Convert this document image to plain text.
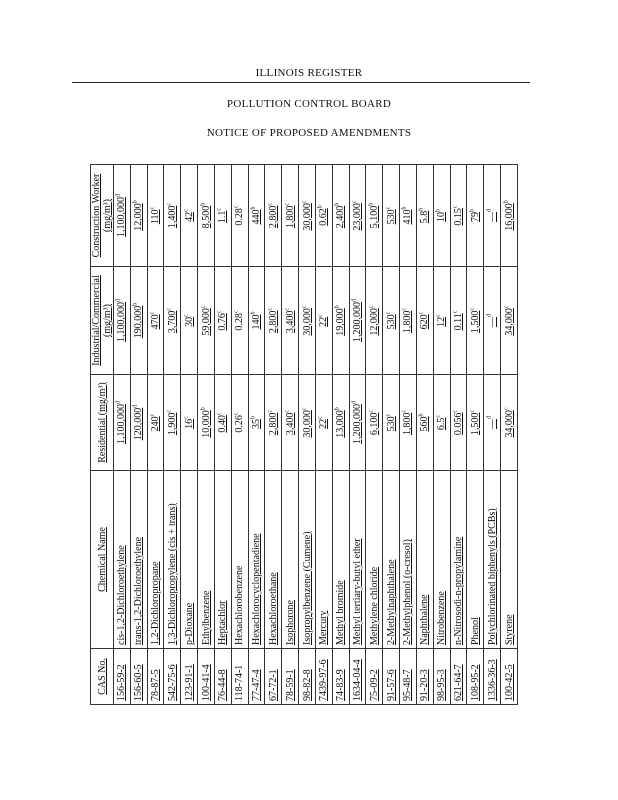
ILLINOIS REGISTER
POLLUTION CONTROL BOARD
NOTICE OF PROPOSED AMENDMENTS
CAS No.	Chemical Name	Residential (mg/m³)	Industrial/Commercial (mg/m³)	Construction Worker (mg/m³)
156-59-2	cis-1,2-Dichloroethylene	1,100,000$^d$	1,100,000$^d$	1,100,000$^d$
156-60-5	trans-1,2-Dichloroethylene	120,000$^d$	190,000$^b$	12,000$^b$
78-87-5	1,2-Dichloropropane	240$^c$	470$^c$	110$^c$
542-75-6	1,3-Dichloropropylene (cis + trans)	1,900$^c$	3,700$^c$	1,400$^c$
123-91-1	p-Dioxane	16$^c$	30$^c$	42$^c$
100-41-4	Ethylbenzene	10,000$^b$	59,000$^c$	8,500$^b$
76-44-8	Heptachlor	0.40$^c$	0.76$^c$	1.1$^c$
118-74-1	Hexachlorobenzene	0.26$^c$	0.28$^c$	0.28$^c$
77-47-4	Hexachlorocyclopentadiene	35$^b$	140$^b$	440$^b$
67-72-1	Hexachloroethane	2,800$^c$	2,800$^c$	2,800$^c$
78-59-1	Isophorone	3,400$^c$	3,400$^c$	1,800$^c$
98-82-8	Isopropylbenzene (Cumene)	30,000$^c$	30,000$^c$	30,000$^c$
7439-97-6	Mercury	22$^c$	22$^c$	0.62$^b$
74-83-9	Methyl bromide	13,000$^b$	19,000$^b$	2,400$^b$
1634-04-4	Methyl tertiary-butyl ether	1,200,000$^d$	1,200,000$^d$	23,000$^c$
75-09-2	Methylene chloride	6,100$^c$	12,000$^c$	5,100$^b$
91-57-6	2-Methylnaphthalene	530$^c$	530$^c$	530$^c$
95-48-7	2-Methylphenol (o-cresol)	1,800$^c$	1,800$^c$	410$^b$
91-20-3	Naphthalene	560$^b$	620$^c$	5.8$^b$
98-95-3	Nitrobenzene	6.5$^c$	12$^c$	10$^b$
621-64-7	n-Nitrosodi-n-propylamine	0.056$^c$	0.11$^c$	0.15$^c$
108-95-2	Phenol	1,500$^c$	1,500$^c$	79$^b$
1336-36-3	Polychlorinated biphenyls (PCBs)	—$^d$	—$^d$	—$^d$
100-42-5	Styrene	34,000$^c$	34,000$^c$	16,000$^b$
